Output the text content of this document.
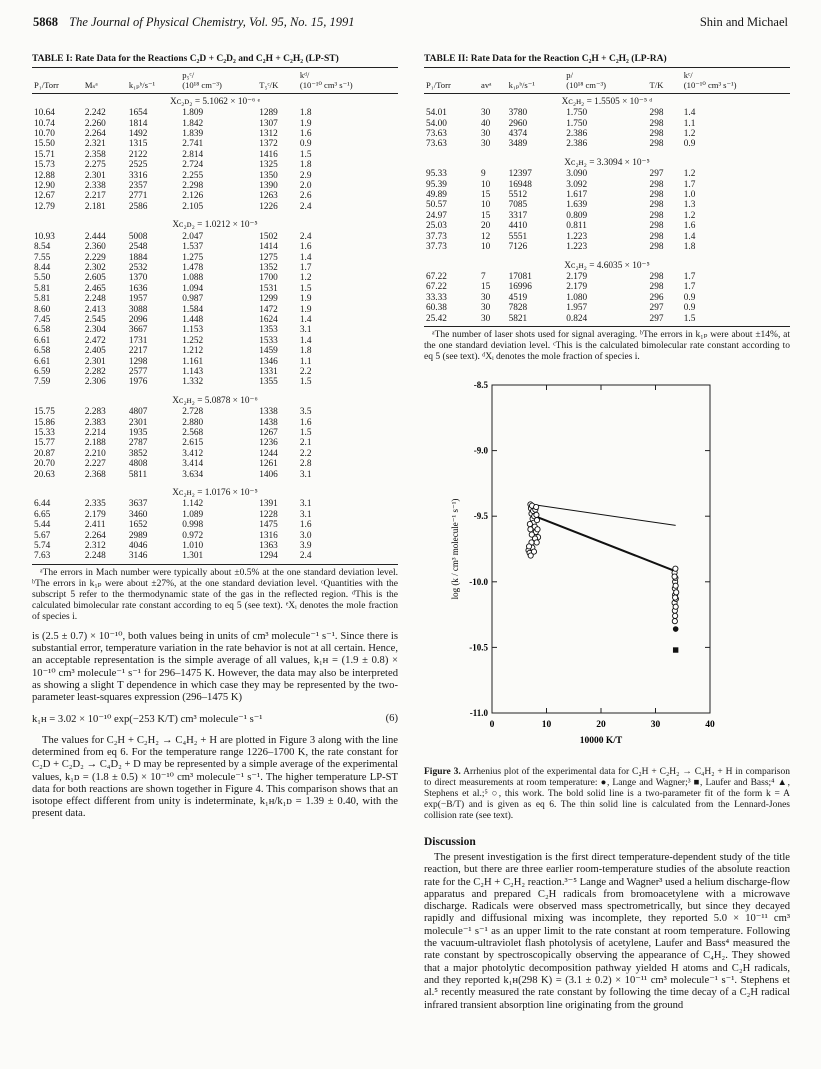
5868 The Journal of Physical Chemistry, Vol. 95, No. 15, 1991	Shin and Michael
TABLE I: Rate Data for the Reactions C₂D + C₂D₂ and C₂H + C₂H₂ (LP-ST)
			p₅ᶜ/		kᵈ/
P₁/Torr	Mₛᵃ	k₁ₚᵇ/s⁻¹	(10¹⁸ cm⁻³)	T₅ᶜ/K	(10⁻¹⁰ cm³ s⁻¹)
Xᴄ₂ᴅ₂ = 5.1062 × 10⁻⁶ ᵉ					
10.64	2.242	1654	1.809	1289	1.8
10.74	2.260	1814	1.842	1307	1.9
10.70	2.264	1492	1.839	1312	1.6
15.50	2.321	1315	2.741	1372	0.9
15.71	2.358	2122	2.814	1416	1.5
15.73	2.275	2525	2.724	1325	1.8
12.88	2.301	3316	2.255	1350	2.9
12.90	2.338	2357	2.298	1390	2.0
12.67	2.217	2771	2.126	1263	2.6
12.79	2.181	2586	2.105	1226	2.4

Xᴄ₂ᴅ₂ = 1.0212 × 10⁻⁵					
10.93	2.444	5008	2.047	1502	2.4
8.54	2.360	2548	1.537	1414	1.6
7.55	2.229	1884	1.275	1275	1.4
8.44	2.302	2532	1.478	1352	1.7
5.50	2.605	1370	1.088	1700	1.2
5.81	2.465	1636	1.094	1531	1.5
5.81	2.248	1957	0.987	1299	1.9
8.60	2.413	3088	1.584	1472	1.9
7.45	2.545	2096	1.448	1624	1.4
6.58	2.304	3667	1.153	1353	3.1
6.61	2.472	1731	1.252	1533	1.4
6.58	2.405	2217	1.212	1459	1.8
6.61	2.301	1298	1.161	1346	1.1
6.59	2.282	2577	1.143	1331	2.2
7.59	2.306	1976	1.332	1355	1.5

Xᴄ₂ʜ₂ = 5.0878 × 10⁻⁶					
15.75	2.283	4807	2.728	1338	3.5
15.86	2.383	2301	2.880	1438	1.6
15.33	2.214	1935	2.568	1267	1.5
15.77	2.188	2787	2.615	1236	2.1
20.87	2.210	3852	3.412	1244	2.2
20.70	2.227	4808	3.414	1261	2.8
20.63	2.368	5811	3.634	1406	3.1

Xᴄ₂ʜ₂ = 1.0176 × 10⁻⁵					
6.44	2.335	3637	1.142	1391	3.1
6.65	2.179	3460	1.089	1228	3.1
5.44	2.411	1652	0.998	1475	1.6
5.67	2.264	2989	0.972	1316	3.0
5.74	2.312	4046	1.010	1363	3.9
7.63	2.248	3146	1.301	1294	2.4
ᵃThe errors in Mach number were typically about ±0.5% at the one standard deviation level. ᵇThe errors in k₁ₚ were about ±27%, at the one standard deviation level. ᶜQuantities with the subscript 5 refer to the thermodynamic state of the gas in the reflected region. ᵈThis is the calculated bimolecular rate constant according to eq 5 (see text). ᵉXᵢ denotes the mole fraction of species i.

is (2.5 ± 0.7) × 10⁻¹⁰, both values being in units of cm³ molecule⁻¹ s⁻¹. Since there is substantial error, temperature variation in the rate behavior is not at all certain. Hence, an acceptable representation is the simple average of all values, k₁ʜ = (1.9 ± 0.8) × 10⁻¹⁰ cm³ molecule⁻¹ s⁻¹ for 296–1475 K. However, the data may also be interpreted as showing a slight T dependence in which case they may be represented by the two-parameter least-squares expression (296–1475 K)

k₁ʜ = 3.02 × 10⁻¹⁰ exp(−253 K/T) cm³ molecule⁻¹ s⁻¹	(6)

The values for C₂H + C₂H₂ → C₄H₂ + H are plotted in Figure 3 along with the line determined from eq 6. For the temperature range 1226–1700 K, the rate constant for C₂D + C₂D₂ → C₄D₂ + D may be represented by a simple average of the experimental values, k₁ᴅ = (1.8 ± 0.5) × 10⁻¹⁰ cm³ molecule⁻¹ s⁻¹. The higher temperature LP-ST data for both reactions are shown together in Figure 4. This comparison shows that an isotope effect different from unity is indeterminate, k₁ʜ/k₁ᴅ = 1.39 ± 0.40, with the present data.

TABLE II: Rate Data for the Reaction C₂H + C₂H₂ (LP-RA)
			p/		kᶜ/
P₁/Torr	avᵃ	k₁ₚᵇ/s⁻¹	(10¹⁸ cm⁻³)	T/K	(10⁻¹⁰ cm³ s⁻¹)
Xᴄ₂ʜ₂ = 1.5505 × 10⁻⁵ ᵈ					
54.01	30	3780	1.750	298	1.4
54.00	40	2960	1.750	298	1.1
73.63	30	4374	2.386	298	1.2
73.63	30	3489	2.386	298	0.9

Xᴄ₂ʜ₂ = 3.3094 × 10⁻⁵					
95.33	9	12397	3.090	297	1.2
95.39	10	16948	3.092	298	1.7
49.89	15	5512	1.617	298	1.0
50.57	10	7085	1.639	298	1.3
24.97	15	3317	0.809	298	1.2
25.03	20	4410	0.811	298	1.6
37.73	12	5551	1.223	298	1.4
37.73	10	7126	1.223	298	1.8

Xᴄ₂ʜ₂ = 4.6035 × 10⁻⁵					
67.22	7	17081	2.179	298	1.7
67.22	15	16996	2.179	298	1.7
33.33	30	4519	1.080	296	0.9
60.38	30	7828	1.957	297	0.9
25.42	30	5821	0.824	297	1.5
ᵃThe number of laser shots used for signal averaging. ᵇThe errors in k₁ₚ were about ±14%, at the one standard deviation level. ᶜThis is the calculated bimolecular rate constant according to eq 5 (see text). ᵈXᵢ denotes the mole fraction of species i.
0	10	20	30	40
-8.5
-9.0
-9.5
-10.0
-10.5
-11.0
10000 K/T
log (k / cm³ molecule⁻¹ s⁻¹)
Figure 3. Arrhenius plot of the experimental data for C₂H + C₂H₂ → C₄H₂ + H in comparison to direct measurements at room temperature: ●, Lange and Wagner;³ ■, Laufer and Bass;⁴ ▲, Stephens et al.;⁵ ○, this work. The bold solid line is a two-parameter fit of the form k = A exp(−B/T) and is given as eq 6. The thin solid line is calculated from the Lennard-Jones collision rate (see text).
Discussion

The present investigation is the first direct temperature-dependent study of the title reaction, but there are three earlier room-temperature studies of the absolute reaction rate for the C₂H + C₂H₂ reaction.³⁻⁵ Lange and Wagner³ used a helium discharge-flow apparatus and prepared C₂H radicals from bromoacetylene with a microwave discharge. Radicals were observed mass spectrometrically, but since they decayed rapidly and diffusional mixing was incomplete, they reported 5.0 × 10⁻¹¹ cm³ molecule⁻¹ s⁻¹ as an upper limit to the rate constant at room temperature. Following the vacuum-ultraviolet flash photolysis of acetylene, Laufer and Bass⁴ measured the rate constant by spectroscopically observing the appearance of C₄H₂. They showed that a major photolytic decomposition pathway yielded H atoms and C₂H radicals, and they reported k₁ʜ(298 K) = (3.1 ± 0.2) × 10⁻¹¹ cm³ molecule⁻¹ s⁻¹. Stephens et al.⁵ recently measured the rate constant by following the time decay of a C₂H radical infrared transient absorption line originating from the ground
